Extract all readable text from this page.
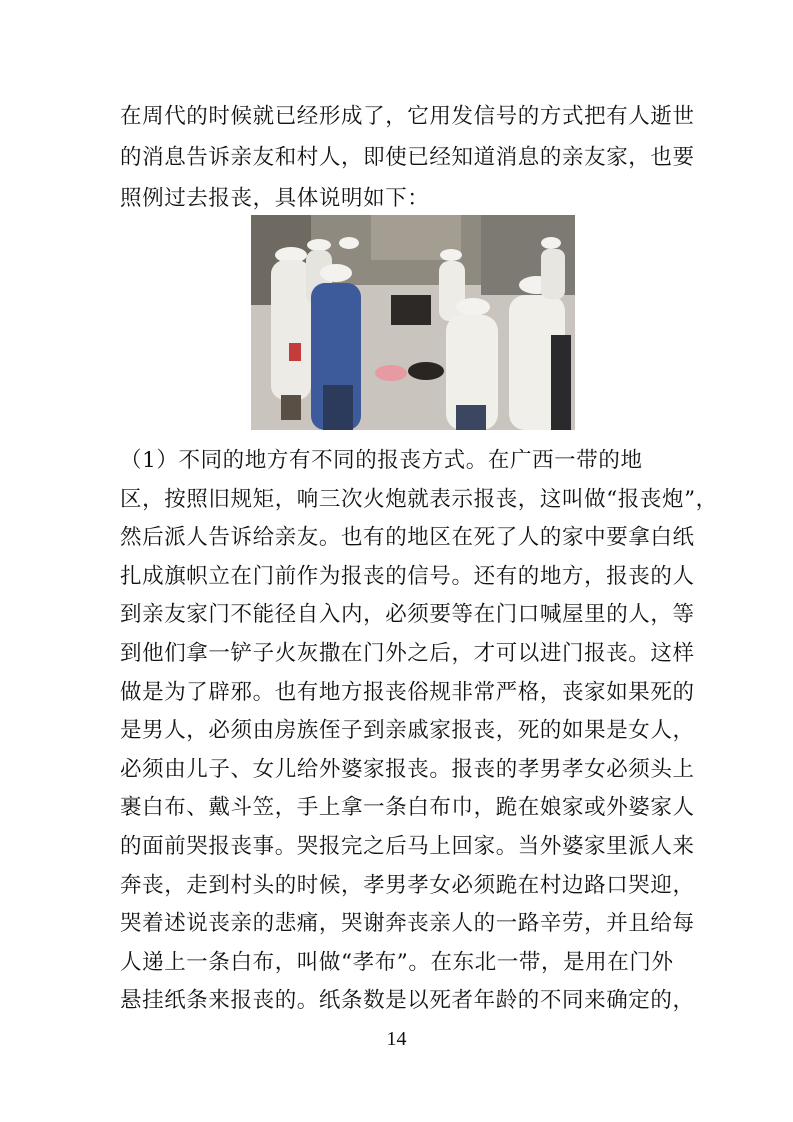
在周代的时候就已经形成了，它用发信号的方式把有人逝世
的消息告诉亲友和村人，即使已经知道消息的亲友家，也要
照例过去报丧，具体说明如下：
（1）不同的地方有不同的报丧方式。在广西一带的地
区，按照旧规矩，响三次火炮就表示报丧，这叫做“报丧炮”，
然后派人告诉给亲友。也有的地区在死了人的家中要拿白纸
扎成旗帜立在门前作为报丧的信号。还有的地方，报丧的人
到亲友家门不能径自入内，必须要等在门口喊屋里的人，等
到他们拿一铲子火灰撒在门外之后，才可以进门报丧。这样
做是为了辟邪。也有地方报丧俗规非常严格，丧家如果死的
是男人，必须由房族侄子到亲戚家报丧，死的如果是女人，
必须由儿子、女儿给外婆家报丧。报丧的孝男孝女必须头上
裹白布、戴斗笠，手上拿一条白布巾，跪在娘家或外婆家人
的面前哭报丧事。哭报完之后马上回家。当外婆家里派人来
奔丧，走到村头的时候，孝男孝女必须跪在村边路口哭迎，
哭着述说丧亲的悲痛，哭谢奔丧亲人的一路辛劳，并且给每
人递上一条白布，叫做“孝布”。在东北一带，是用在门外
14
悬挂纸条来报丧的。纸条数是以死者年龄的不同来确定的，
